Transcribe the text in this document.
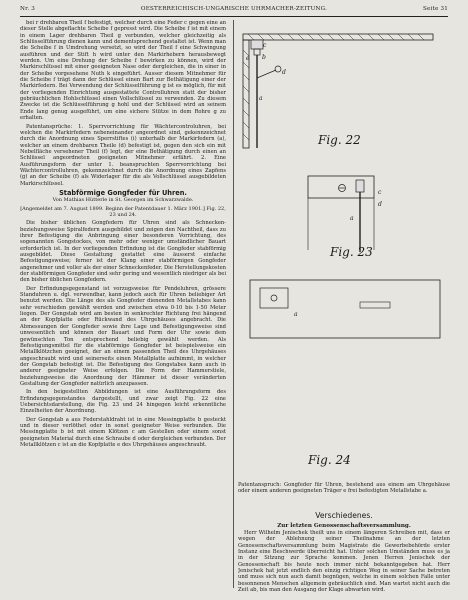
Nr. 3	OESTERREICHISCH-UNGARISCHE UHRMACHER-ZEITUNG.	Seite 31

bei r drehbaren Theil f befestigt, welcher durch eine Feder c gegen eine an dieser Stelle abgeflachte Scheibe f gepresst wird. Die Scheibe f ist mit einem in einem Lager drehbaren Theil g verbunden, welcher gleichzeitig als Schlüsselführung dienen kann und dementsprechend gestaltet ist. Wenn man die Scheibe f in Umdrehung versetzt, so wird der Theil f eine Schwingung ausführen und der Stift h wird unter den Markirhebern herausbewegt werden. Um eine Drehung der Scheibe f bewirken zu können, wird der Markirschlüssel mit einer geeigneten Nase oder dergleichen, die in einer in der Scheibe vorgesehene Nuth k eingeführt. Ausser diesem Mitnehmer für die Scheibe f trägt dann der Schlüssel einen Bart zur Bethätigung einer der Markirfedern. Bei Verwendung der Schlüsselführung g ist es möglich, für mit der vorliegenden Einrichtung ausgestattete Controlluhren statt der bisher gebräuchlichen Hohlschlüssel einen Vollschlüssel zu verwenden. Zu diesem Zwecke ist die Schlüsselführung g hohl und der Schlüssel wird an seinem Ende lang genug ausgeführt, um eine sichere Stütze in dem Rohre g zu erhalten.

Patentansprüche: 1. Sperrvorrichtung für Wächtercontroluhren, bei welchen die Markirfedern nebeneinander angeordnet sind, gekennzeichnet durch die Anordnung eines Sperrstiftes (i) unterhalb der Markirfedern (a), welcher an einem drehbaren Theile (d) befestigt ist, gegen den sich ein mit Nebelfläche versehener Theil (f) legt, der eine Bethätigung durch einen an Schlüssel angeordneten geeigneten Mitnehmer erfährt. 2. Eine Ausführungsform der unter 1. beanspruchten Sperrvorrichtung bei Wächtercontrolluhren, gekennzeichnet durch die Anordnung eines Zapfens (g) an der Scheibe (f) als Widerlager für die als Vollschlüssel ausgebildeten Markirschlüssel.

Stabförmige Gongfeder für Uhren.
Von Mathias Hütterle in St. Georgen im Schwarzwalde.
[Angemeldet am 7. August 1899. Beginn der Patentdauer 1. März 1901.] Fig. 22, 23 und 24.

Die bisher üblichen Gongfedern für Uhren sind als Schnecken-beziehungsweise Spiralfedern ausgebildet und zeigen den Nachtheil, dass zu ihrer Befestigung die Anbringung einer besonderen Vorrichtung, des sogenannten Gongstockes, von mehr oder weniger umständlicher Bauart erforderlich ist. In der vorliegenden Erfindung ist die Gongfeder stabförmig ausgebildet. Diese Gestaltung gestattet eine äusserst einfache Befestigungsweise; ferner ist der Klang einer stabförmigen Gongfeder angenehmer und voller als der einer Schneckenfeder. Die Herstellungskosten der stabförmigen Gongfeder sind sehr gering und wesentlich niedriger als bei den bisher üblichen Gongfedern.

Der Erfindungsgegenstand ist vorzugsweise für Pendeluhren, grössere Standuhren u. dgl. verwendbar, kann jedoch auch für Uhren beliebiger Art benutzt werden. Die Länge des als Gongfeder dienenden Metallstabes kann sehr verschieden gewählt werden und zwischen etwa 0·10 bis 1·50 Meter liegen. Der Gongstab wird am besten in senkrechter Richtung frei hängend an der Kopfplatte oder Rückwand des Uhrgehäuses angebracht. Die Abmessungen der Gongfeder sowie ihre Lage und Befestigungsweise sind unwesentlich und können der Bauart und Form der Uhr sowie dem gewünschten Ton entsprechend beliebig gewählt werden. Als Befestigungsmittel für die stabförmige Gongfeder ist beispielsweise ein Metallklötzchen geeignet, der an einem passenden Theil des Uhrgehäuses angeschraubt wird und seinerseits einen Metallplatte aufnimmt, in welcher der Gongstab befestigt ist. Die Befestigung des Gongstabes kann auch in anderer geeigneter Weise erfolgen. Die Form der Hammerstiele, beziehungsweise die Anordnung der Hämmer ist dieser veränderten Gestaltung der Gongfeder natürlich anzupassen.

In den beigestellten Abbildungen ist eine Ausführungsform des Erfindungsgegenstandes dargestellt, und zwar zeigt Fig. 22 eine Uebersichtsdarstellung, die Fig. 23 und 24 hingegen leicht erkenntliche Einzelheiten der Anordnung.

Der Gongstab a aus Federstahldraht ist in eine Messingplatte b gesteckt und in dieser verlöthet oder in sonst geeigneter Weise verbunden. Die Messingplatte b ist mit einem Klötzen c am Gestellen oder einem sonst geeigneten Material durch eine Schraube d oder dergleichen verbunden. Der Metallklötzen c ist an die Kopfplatte e des Uhrgehäuses angeschraubt.

e
c
b
a
d
Fig. 22
c
d
a
Fig. 23
a
Fig. 24
Patentanspruch: Gongfeder für Uhren, bestehend aus einem am Uhrgehäuse oder einem anderen geeigneten Träger e frei befestigten Metallstabe a.
Verschiedenes.
Zur letzten Genossenschaftsversammlung.

Herr Wilhelm Jenischek theilt uns in einem längeren Schreiben mit, dass er wegen der Ablehnung seiner Theilnahme an der letzten Genossenschaftsversammlung beim Magistrate die Gewerbebehörde erster Instanz eine Beschwerde überreicht hat. Unter solchen Umständen muss es ja in der Sitzung zur Sprache kommen. Jenen Herren Jenischek der Genossenschaft bis heute noch immer nicht bekanntgegeben hat. Herr Jenischek hat jetzt endlich den einzig richtigen Weg in seiner Sache betreten und muss sich nun auch damit begnügen, welche in einem solchen Falle unter besonnenen Menschen allgemein gebräuchlich sind. Man wartet nicht auch die Zeit ab, bis man den Ausgang der Klage abwarten wird.
